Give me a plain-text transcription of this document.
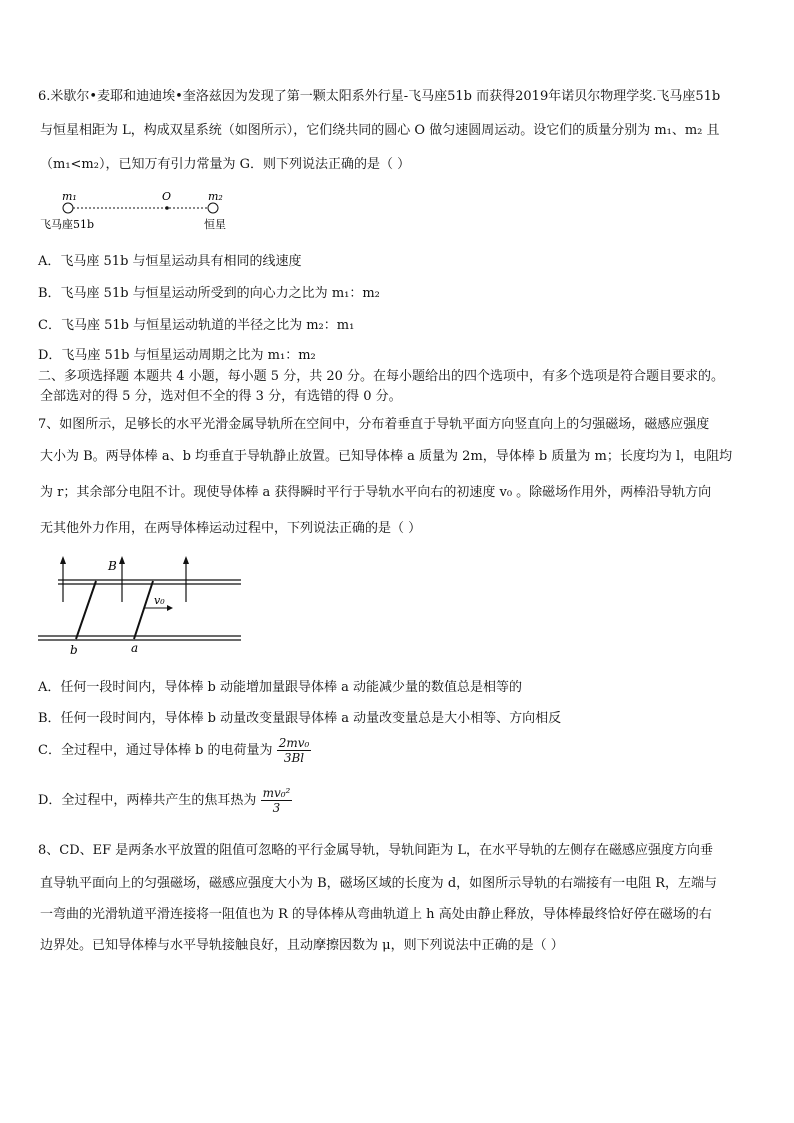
6.米歇尔•麦耶和迪迪埃•奎洛兹因为发现了第一颗太阳系外行星-飞马座51b 而获得2019年诺贝尔物理学奖.飞马座51b
与恒星相距为 L，构成双星系统（如图所示），它们绕共同的圆心 O 做匀速圆周运动。设它们的质量分别为 m₁、m₂ 且
（m₁<m₂），已知万有引力常量为 G．则下列说法正确的是（ ）
m₁	O	m₂
飞马座51b	恒星
A．飞马座 51b 与恒星运动具有相同的线速度
B．飞马座 51b 与恒星运动所受到的向心力之比为 m₁：m₂
C．飞马座 51b 与恒星运动轨道的半径之比为 m₂：m₁
D．飞马座 51b 与恒星运动周期之比为 m₁：m₂
二、多项选择题 本题共 4 小题，每小题 5 分，共 20 分。在每小题给出的四个选项中，有多个选项是符合题目要求的。
全部选对的得 5 分，选对但不全的得 3 分，有选错的得 0 分。
7、如图所示，足够长的水平光滑金属导轨所在空间中，分布着垂直于导轨平面方向竖直向上的匀强磁场，磁感应强度
大小为 B。两导体棒 a、b 均垂直于导轨静止放置。已知导体棒 a 质量为 2m，导体棒 b 质量为 m；长度均为 l，电阻均
为 r；其余部分电阻不计。现使导体棒 a 获得瞬时平行于导轨水平向右的初速度 v₀ 。除磁场作用外，两棒沿导轨方向
无其他外力作用，在两导体棒运动过程中，下列说法正确的是（ ）
B
v₀
a
b
A．任何一段时间内，导体棒 b 动能增加量跟导体棒 a 动能减少量的数值总是相等的
B．任何一段时间内，导体棒 b 动量改变量跟导体棒 a 动量改变量总是大小相等、方向相反
C．全过程中，通过导体棒 b 的电荷量为 $\frac{\text{2mv₀}}{3Bl}$
D．全过程中，两棒共产生的焦耳热为 $\frac{\text{mv₀²}}{3}$
8、CD、EF 是两条水平放置的阻值可忽略的平行金属导轨，导轨间距为 L，在水平导轨的左侧存在磁感应强度方向垂
直导轨平面向上的匀强磁场，磁感应强度大小为 B，磁场区域的长度为 d，如图所示导轨的右端接有一电阻 R，左端与
一弯曲的光滑轨道平滑连接将一阻值也为 R 的导体棒从弯曲轨道上 h 高处由静止释放，导体棒最终恰好停在磁场的右
边界处。已知导体棒与水平导轨接触良好，且动摩擦因数为 μ，则下列说法中正确的是（ ）
